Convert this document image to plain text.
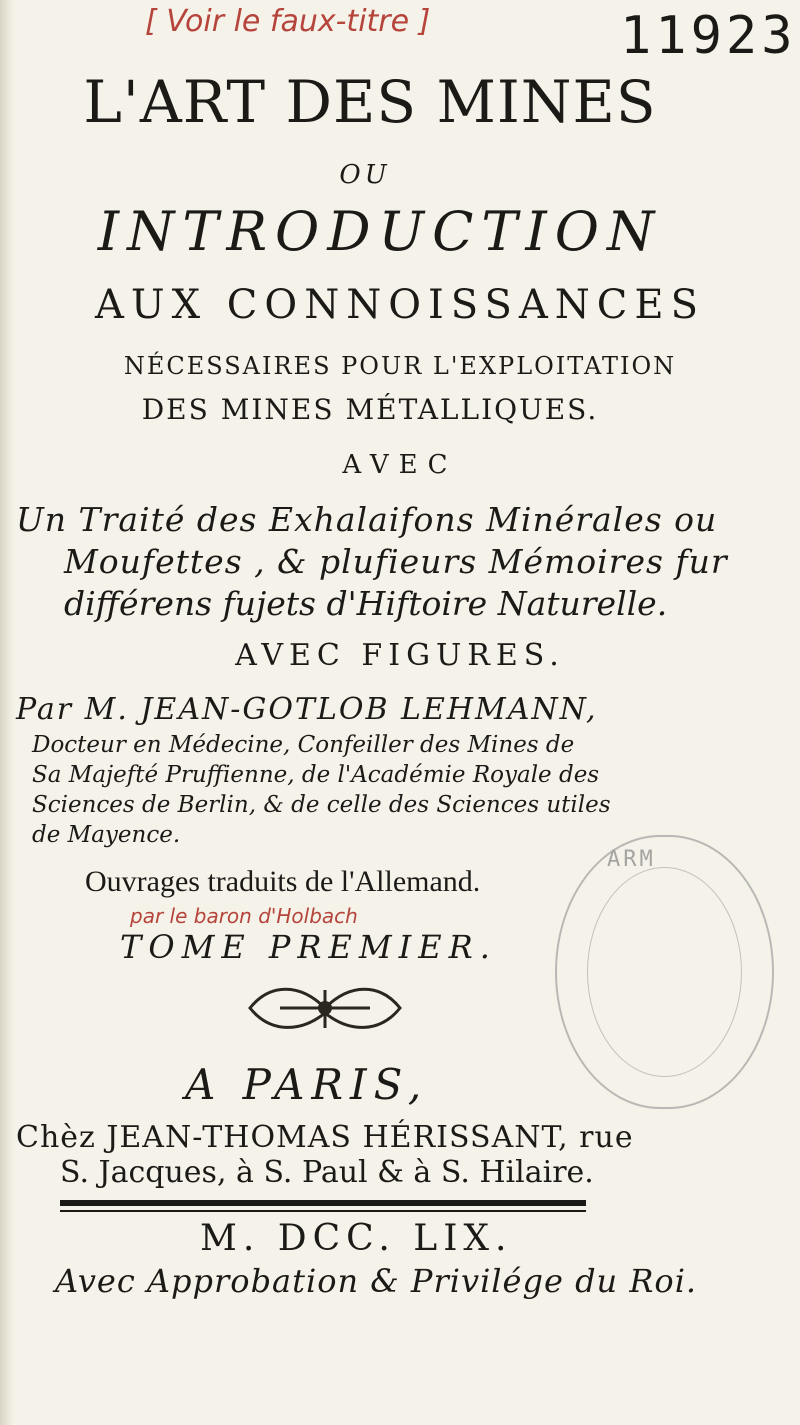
[ Voir le faux-titre ]	11923
L'ART DES MINES
OU
INTRODUCTION
AUX CONNOISSANCES
NÉCESSAIRES POUR L'EXPLOITATION
DES MINES MÉTALLIQUES.
AVEC
Un Traité des Exhalaifons Minérales ou
Moufettes , & plufieurs Mémoires fur
différens fujets d'Hiftoire Naturelle.
AVEC FIGURES.
Par M. JEAN-GOTLOB LEHMANN,
Docteur en Médecine, Confeiller des Mines de
Sa Majefté Pruffienne, de l'Académie Royale des
Sciences de Berlin, & de celle des Sciences utiles
de Mayence.
Ouvrages traduits de l'Allemand.
par le baron d'Holbach
TOME PREMIER.
ARM
A PARIS,
Chèz JEAN-THOMAS HÉRISSANT, rue
S. Jacques, à S. Paul & à S. Hilaire.
M. DCC. LIX.
Avec Approbation & Privilége du Roi.
